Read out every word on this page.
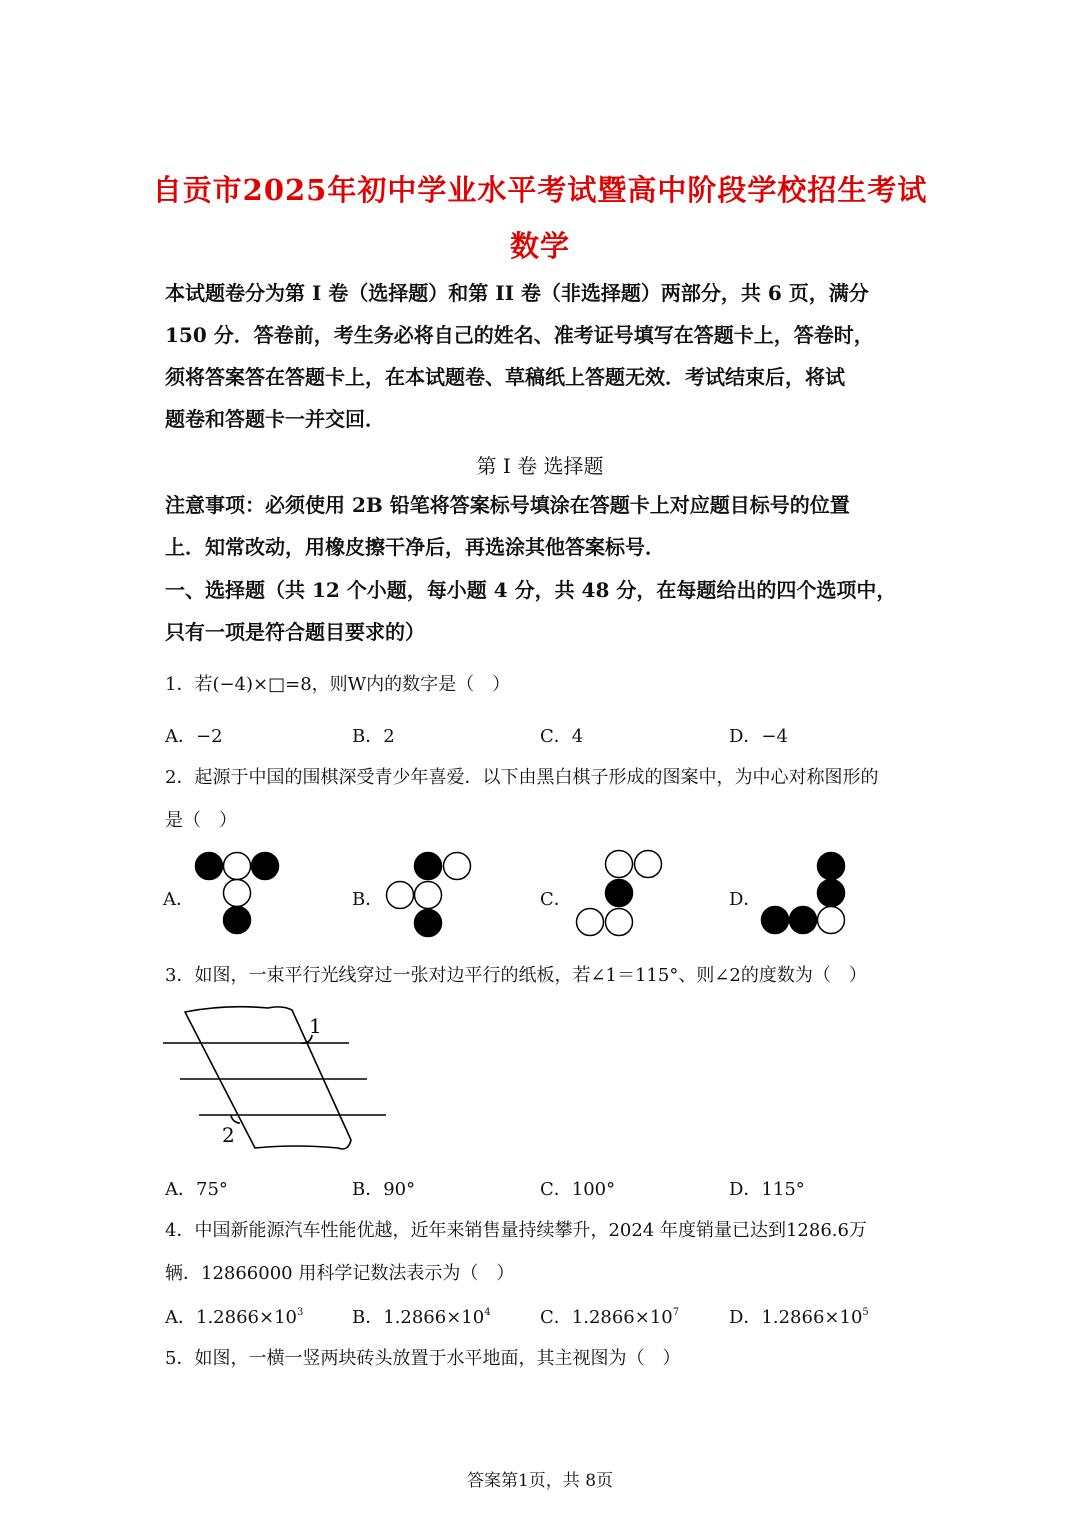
自贡市2025年初中学业水平考试暨高中阶段学校招生考试
数学
本试题卷分为第 I 卷（选择题）和第 II 卷（非选择题）两部分，共 6 页，满分
150 分．答卷前，考生务必将自己的姓名、准考证号填写在答题卡上，答卷时，
须将答案答在答题卡上，在本试题卷、草稿纸上答题无效．考试结束后，将试
题卷和答题卡一并交回．
第 I 卷 选择题
注意事项：必须使用 2B 铅笔将答案标号填涂在答题卡上对应题目标号的位置
上．知常改动，用橡皮擦干净后，再选涂其他答案标号．
一、选择题（共 12 个小题，每小题 4 分，共 48 分，在每题给出的四个选项中，
只有一项是符合题目要求的）
1．若(−4)×□=8，则W内的数字是（　）
A．−2	B．2	C．4	D．−4
2．起源于中国的围棋深受青少年喜爱．以下由黑白棋子形成的图案中，为中心对称图形的
是（　）
A．	B．	C．	D．
3．如图，一束平行光线穿过一张对边平行的纸板，若∠1＝115°、则∠2的度数为（　）
1
2
A．75°	B．90°	C．100°	D．115°
4．中国新能源汽车性能优越，近年来销售量持续攀升，2024 年度销量已达到1286.6万
辆．12866000 用科学记数法表示为（　）
A．$1.2866\times 10^3$	B．$1.2866\times 10^4$	C．$1.2866\times 10^7$	D．$1.2866\times 10^5$
5．如图，一横一竖两块砖头放置于水平地面，其主视图为（　）
答案第1页，共 8页
